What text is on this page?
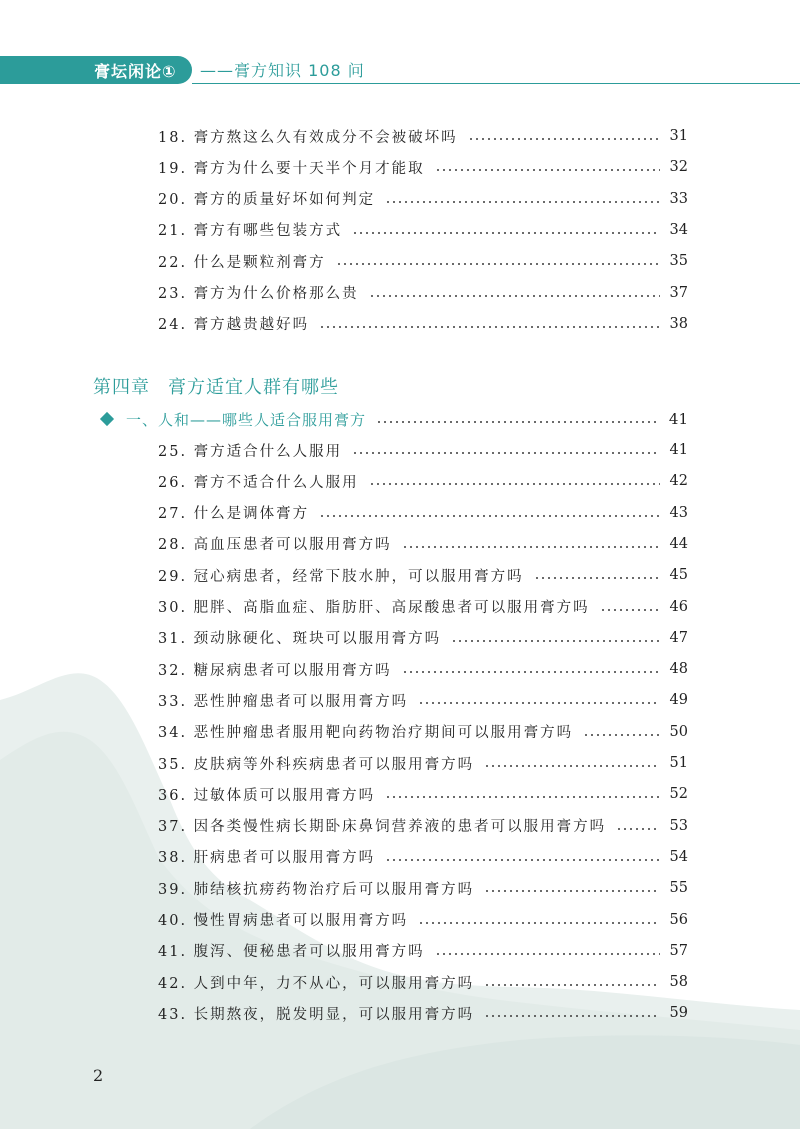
膏坛闲论① ——膏方知识 108 问
18. 膏方熬这么久有效成分不会被破坏吗	31
19. 膏方为什么要十天半个月才能取	32
20. 膏方的质量好坏如何判定	33
21. 膏方有哪些包装方式	34
22. 什么是颗粒剂膏方	35
23. 膏方为什么价格那么贵	37
24. 膏方越贵越好吗	38
第四章 膏方适宜人群有哪些
一、人和——哪些人适合服用膏方	41
25. 膏方适合什么人服用	41
26. 膏方不适合什么人服用	42
27. 什么是调体膏方	43
28. 高血压患者可以服用膏方吗	44
29. 冠心病患者，经常下肢水肿，可以服用膏方吗	45
30. 肥胖、高脂血症、脂肪肝、高尿酸患者可以服用膏方吗	46
31. 颈动脉硬化、斑块可以服用膏方吗	47
32. 糖尿病患者可以服用膏方吗	48
33. 恶性肿瘤患者可以服用膏方吗	49
34. 恶性肿瘤患者服用靶向药物治疗期间可以服用膏方吗	50
35. 皮肤病等外科疾病患者可以服用膏方吗	51
36. 过敏体质可以服用膏方吗	52
37. 因各类慢性病长期卧床鼻饲营养液的患者可以服用膏方吗	53
38. 肝病患者可以服用膏方吗	54
39. 肺结核抗痨药物治疗后可以服用膏方吗	55
40. 慢性胃病患者可以服用膏方吗	56
41. 腹泻、便秘患者可以服用膏方吗	57
42. 人到中年，力不从心，可以服用膏方吗	58
43. 长期熬夜，脱发明显，可以服用膏方吗	59
2
